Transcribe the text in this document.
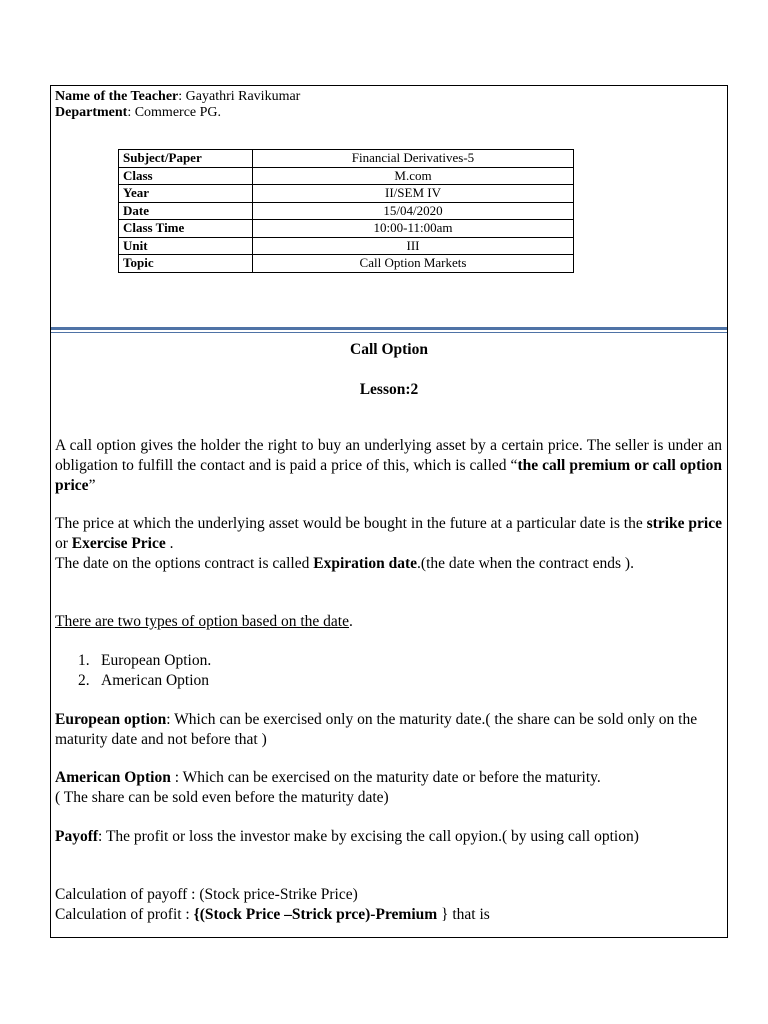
Name of the Teacher: Gayathri Ravikumar
Department: Commerce PG.
Subject/Paper	Financial Derivatives-5
Class	M.com
Year	II/SEM IV
Date	15/04/2020
Class Time	10:00-11:00am
Unit	III
Topic	Call Option Markets
Call Option
Lesson:2
A call option gives the holder the right to buy an underlying asset by a certain price. The seller is under an obligation to fulfill the contact and is paid a price of this, which is called “the call premium or call option price”
The price at which the underlying asset would be bought in the future at a particular date is the strike price or Exercise Price .
The date on the options contract is called Expiration date.(the date when the contract ends ).
There are two types of option based on the date.
1. European Option.
2. American Option
European option: Which can be exercised only on the maturity date.( the share can be sold only on the maturity date and not before that )
American Option : Which can be exercised on the maturity date or before the maturity.
( The share can be sold even before the maturity date)
Payoff: The profit or loss the investor make by excising the call opyion.( by using call option)
Calculation of payoff : (Stock price-Strike Price)
Calculation of profit : {(Stock Price –Strick prce)-Premium } that is
